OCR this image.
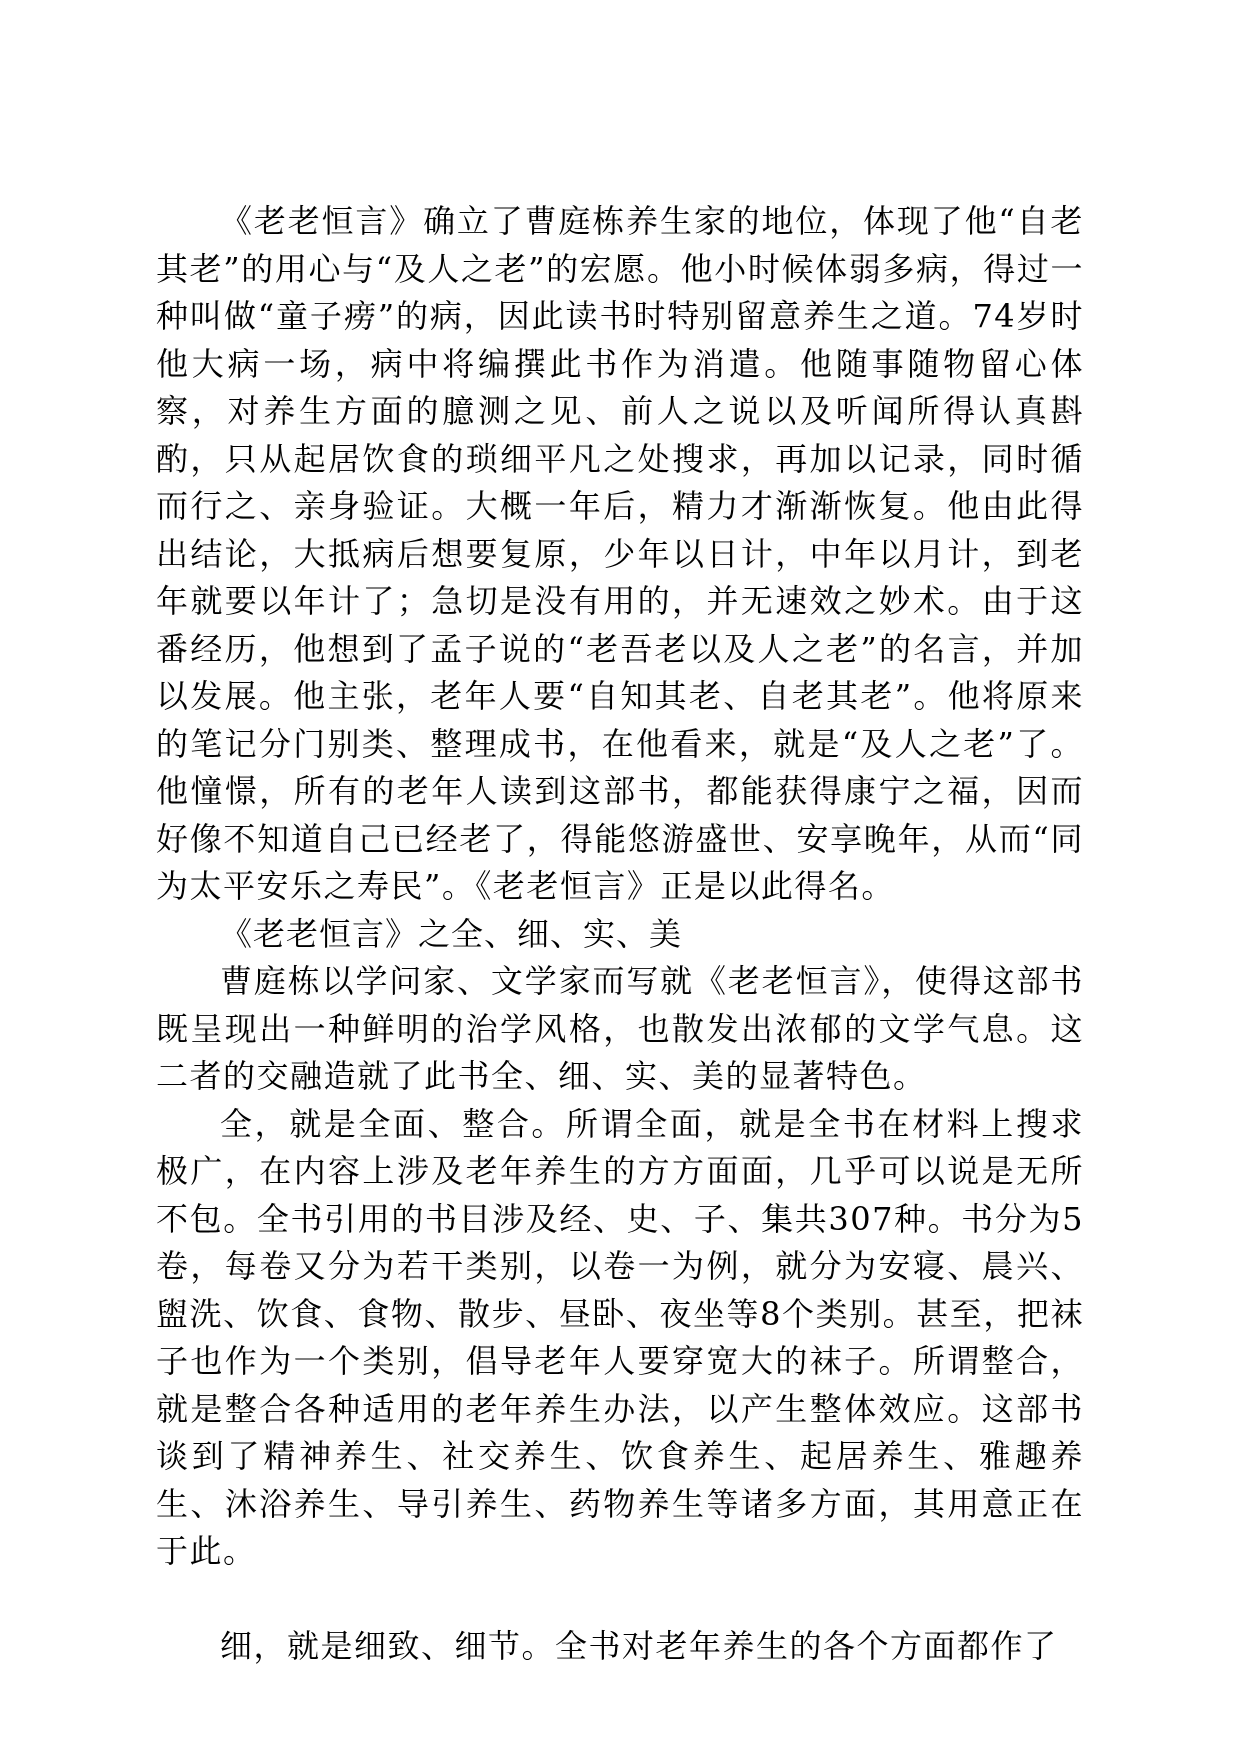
《老老恒言》确立了曹庭栋养生家的地位，体现了他“自老其老”的用心与“及人之老”的宏愿。他小时候体弱多病，得过一种叫做“童子痨”的病，因此读书时特别留意养生之道。74岁时他大病一场，病中将编撰此书作为消遣。他随事随物留心体察，对养生方面的臆测之见、前人之说以及听闻所得认真斟酌，只从起居饮食的琐细平凡之处搜求，再加以记录，同时循而行之、亲身验证。大概一年后，精力才渐渐恢复。他由此得出结论，大抵病后想要复原，少年以日计，中年以月计，到老年就要以年计了；急切是没有用的，并无速效之妙术。由于这番经历，他想到了孟子说的“老吾老以及人之老”的名言，并加以发展。他主张，老年人要“自知其老、自老其老”。他将原来的笔记分门别类、整理成书，在他看来，就是“及人之老”了。他憧憬，所有的老年人读到这部书，都能获得康宁之福，因而好像不知道自己已经老了，得能悠游盛世、安享晚年，从而“同为太平安乐之寿民”。《老老恒言》正是以此得名。

《老老恒言》之全、细、实、美

曹庭栋以学问家、文学家而写就《老老恒言》，使得这部书既呈现出一种鲜明的治学风格，也散发出浓郁的文学气息。这二者的交融造就了此书全、细、实、美的显著特色。

全，就是全面、整合。所谓全面，就是全书在材料上搜求极广，在内容上涉及老年养生的方方面面，几乎可以说是无所不包。全书引用的书目涉及经、史、子、集共307种。书分为5卷，每卷又分为若干类别，以卷一为例，就分为安寝、晨兴、盥洗、饮食、食物、散步、昼卧、夜坐等8个类别。甚至，把袜子也作为一个类别，倡导老年人要穿宽大的袜子。所谓整合，就是整合各种适用的老年养生办法，以产生整体效应。这部书谈到了精神养生、社交养生、饮食养生、起居养生、雅趣养生、沐浴养生、导引养生、药物养生等诸多方面，其用意正在于此。

细，就是细致、细节。全书对老年养生的各个方面都作了
